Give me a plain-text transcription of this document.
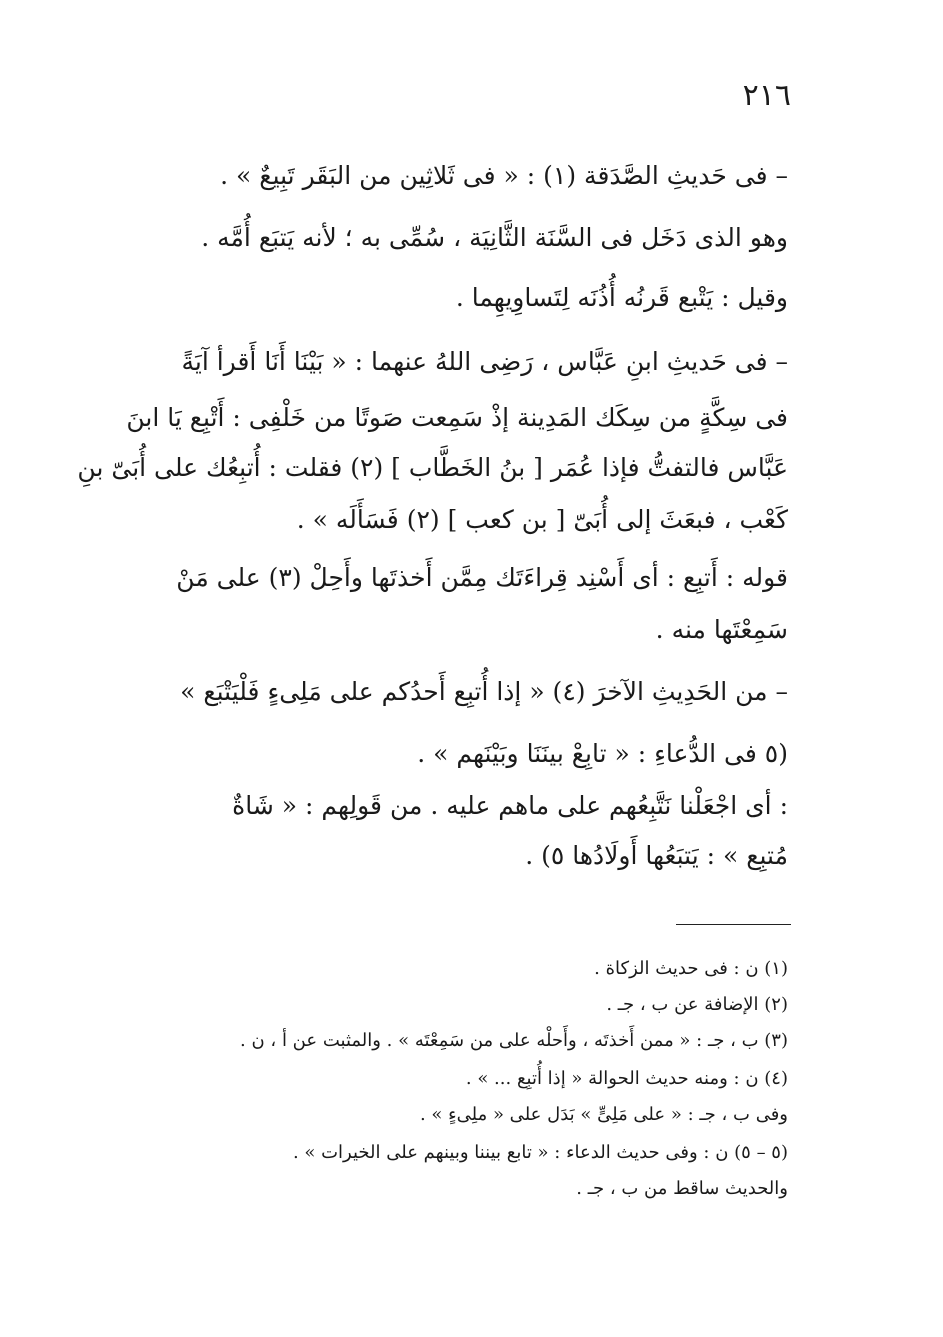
٢١٦
– فى حَديثِ الصَّدَقة (١) : « فى ثَلاثِين من البَقَر تَبِيعٌ » .
وهو الذى دَخَل فى السَّنَة الثَّانِيَة ، سُمِّى به ؛ لأنه يَتبَع أُمَّه .
وقيل : يَتْبع قَرنُه أُذُنَه لِتَساوِيهِما .
– فى حَديثِ ابنِ عَبَّاس ، رَضِى اللهُ عنهما : « بَيْنَا أَنَا أَقرأ آيَةً
فى سِكَّةٍ من سِكَك المَدِينة إذْ سَمِعت صَوتًا من خَلْفِى : أَتْبِع يَا ابنَ
عَبَّاس فالتفتُّ فإذا عُمَر [ بنُ الخَطَّاب ] (٢) فقلت : أُتبِعُك على أُبَىّ بنِ
كَعْب ، فبعَثَ إلى أُبَىّ [ بن كعب ] (٢) فَسَأَلَه » .
قوله : أَتبِع : أى أَسْنِد قِراءَتَك مِمَّن أَخذتَها وأَحِلْ (٣) على مَنْ
سَمِعْتَها منه .
– من الحَدِيثِ الآخرَ (٤) « إذا أُتبِع أَحدُكم على مَلِىءٍ فَلْيَتْبَع »
(٥ فى الدُّعاءِ : « تابِعْ بينَنَا وبَيْنَهم » .
: أى اجْعَلْنا نَتَّبِعُهم على ماهم عليه . من قَولِهم : « شَاةٌ
مُتبِع » : يَتبَعُها أَولَادُها ٥) .
(١) ن : فى حديث الزكاة .
(٢) الإضافة عن ب ، جـ .
(٣) ب ، جـ : « ممن أَخذتَه ، وأَحلْه على من سَمِعْتَه » . والمثبت عن أ ، ن .
(٤) ن : ومنه حديث الحوالة « إذا أُتبِع ... » .
وفى ب ، جـ : « على مَلِىٍّ » بَدَل على « ملِىءٍ » .
(٥ – ٥) ن : وفى حديث الدعاء : « تابع بيننا وبينهم على الخيرات » .
والحديث ساقط من ب ، جـ .
